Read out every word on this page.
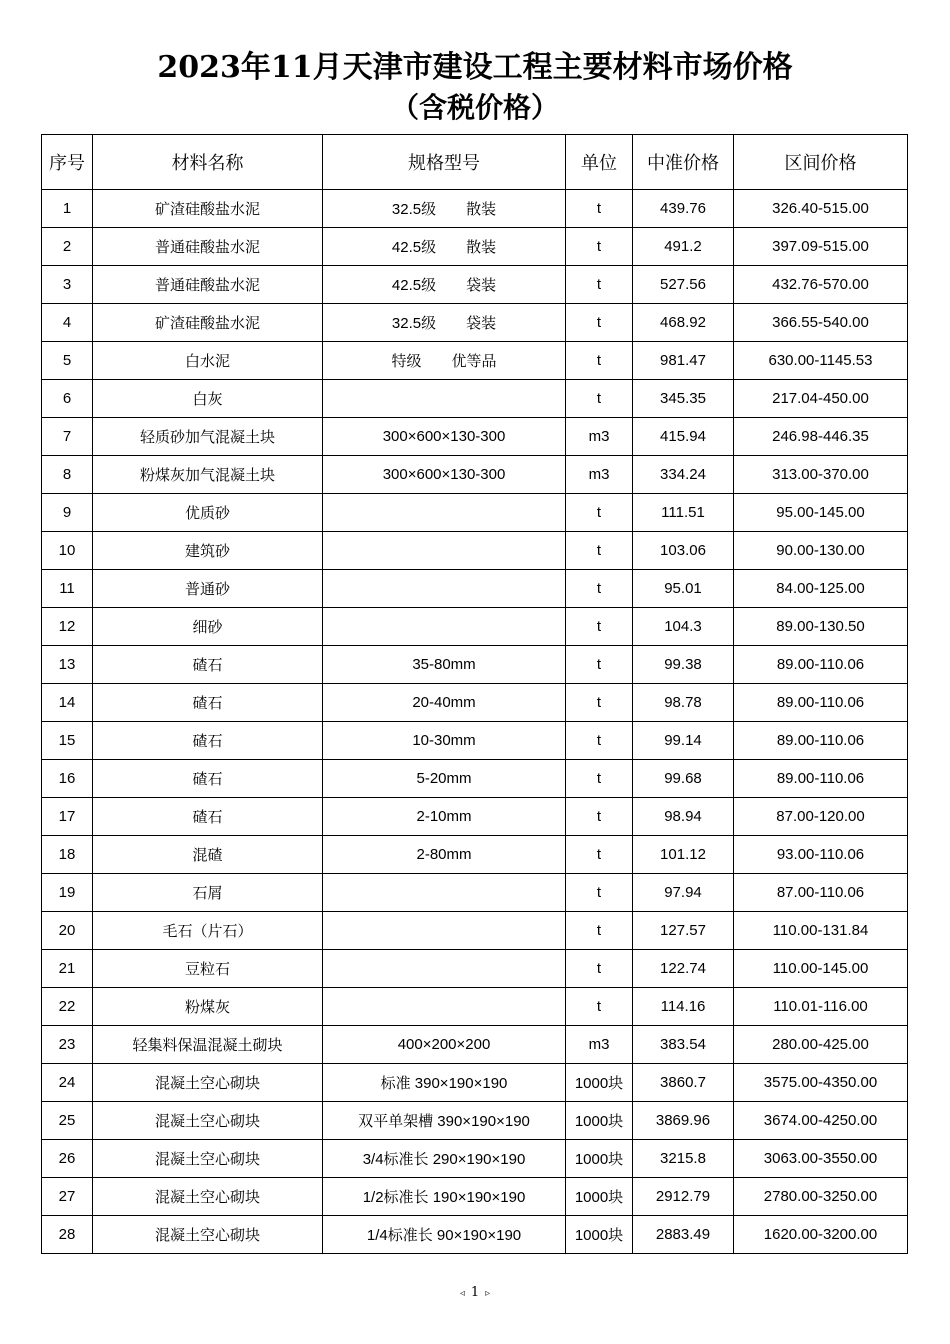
2023年11月天津市建设工程主要材料市场价格
（含税价格）
序号	材料名称	规格型号	单位	中准价格	区间价格
1	矿渣硅酸盐水泥	32.5级　　散装	t	439.76	326.40-515.00
2	普通硅酸盐水泥	42.5级　　散装	t	491.2	397.09-515.00
3	普通硅酸盐水泥	42.5级　　袋装	t	527.56	432.76-570.00
4	矿渣硅酸盐水泥	32.5级　　袋装	t	468.92	366.55-540.00
5	白水泥	特级　　优等品	t	981.47	630.00-1145.53
6	白灰		t	345.35	217.04-450.00
7	轻质砂加气混凝土块	300×600×130-300	m3	415.94	246.98-446.35
8	粉煤灰加气混凝土块	300×600×130-300	m3	334.24	313.00-370.00
9	优质砂		t	111.51	95.00-145.00
10	建筑砂		t	103.06	90.00-130.00
11	普通砂		t	95.01	84.00-125.00
12	细砂		t	104.3	89.00-130.50
13	碴石	35-80mm	t	99.38	89.00-110.06
14	碴石	20-40mm	t	98.78	89.00-110.06
15	碴石	10-30mm	t	99.14	89.00-110.06
16	碴石	5-20mm	t	99.68	89.00-110.06
17	碴石	2-10mm	t	98.94	87.00-120.00
18	混碴	2-80mm	t	101.12	93.00-110.06
19	石屑		t	97.94	87.00-110.06
20	毛石（片石）		t	127.57	110.00-131.84
21	豆粒石		t	122.74	110.00-145.00
22	粉煤灰		t	114.16	110.01-116.00
23	轻集料保温混凝土砌块	400×200×200	m3	383.54	280.00-425.00
24	混凝土空心砌块	标准 390×190×190	1000块	3860.7	3575.00-4350.00
25	混凝土空心砌块	双平单架槽 390×190×190	1000块	3869.96	3674.00-4250.00
26	混凝土空心砌块	3/4标准长 290×190×190	1000块	3215.8	3063.00-3550.00
27	混凝土空心砌块	1/2标准长 190×190×190	1000块	2912.79	2780.00-3250.00
28	混凝土空心砌块	1/4标准长 90×190×190	1000块	2883.49	1620.00-3200.00
◃ 1 ▹
